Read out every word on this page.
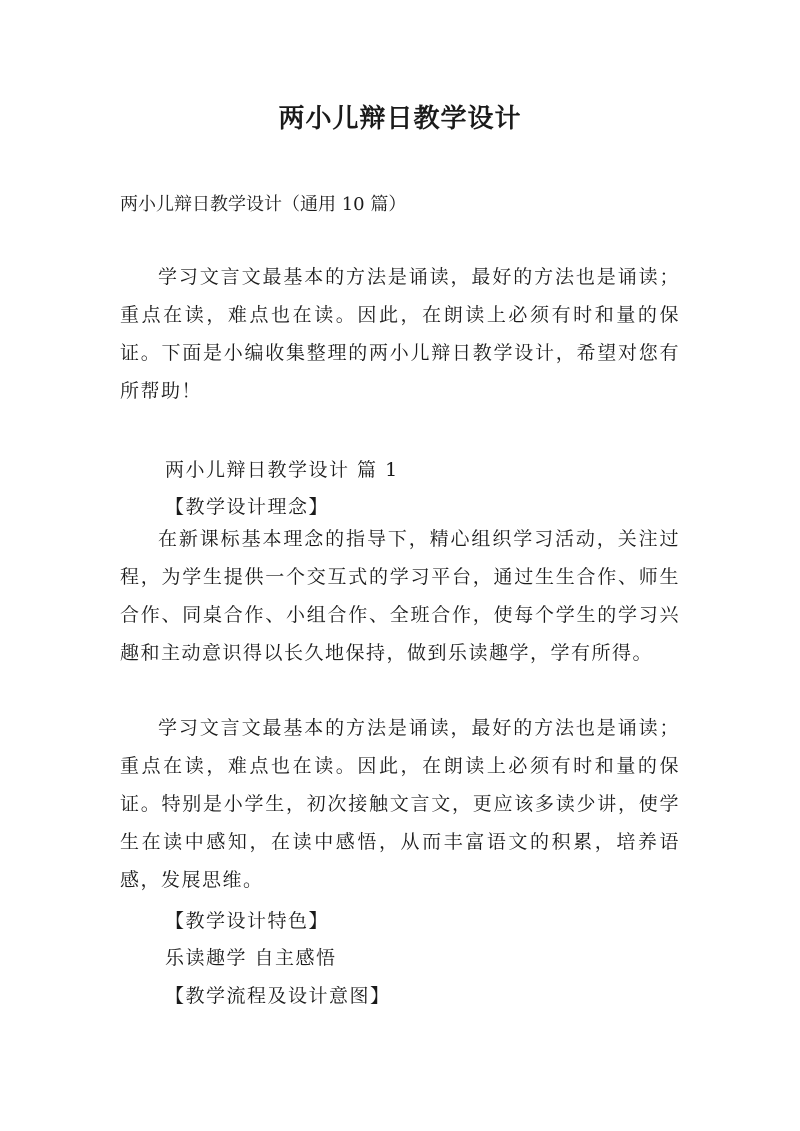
两小儿辩日教学设计
两小儿辩日教学设计（通用 10 篇）
学习文言文最基本的方法是诵读，最好的方法也是诵读；重点在读，难点也在读。因此，在朗读上必须有时和量的保证。下面是小编收集整理的两小儿辩日教学设计，希望对您有所帮助！
两小儿辩日教学设计 篇 1
【教学设计理念】
在新课标基本理念的指导下，精心组织学习活动，关注过程，为学生提供一个交互式的学习平台，通过生生合作、师生合作、同桌合作、小组合作、全班合作，使每个学生的学习兴趣和主动意识得以长久地保持，做到乐读趣学，学有所得。
学习文言文最基本的方法是诵读，最好的方法也是诵读；重点在读，难点也在读。因此，在朗读上必须有时和量的保证。特别是小学生，初次接触文言文，更应该多读少讲，使学生在读中感知，在读中感悟，从而丰富语文的积累，培养语感，发展思维。
【教学设计特色】
乐读趣学 自主感悟
【教学流程及设计意图】
